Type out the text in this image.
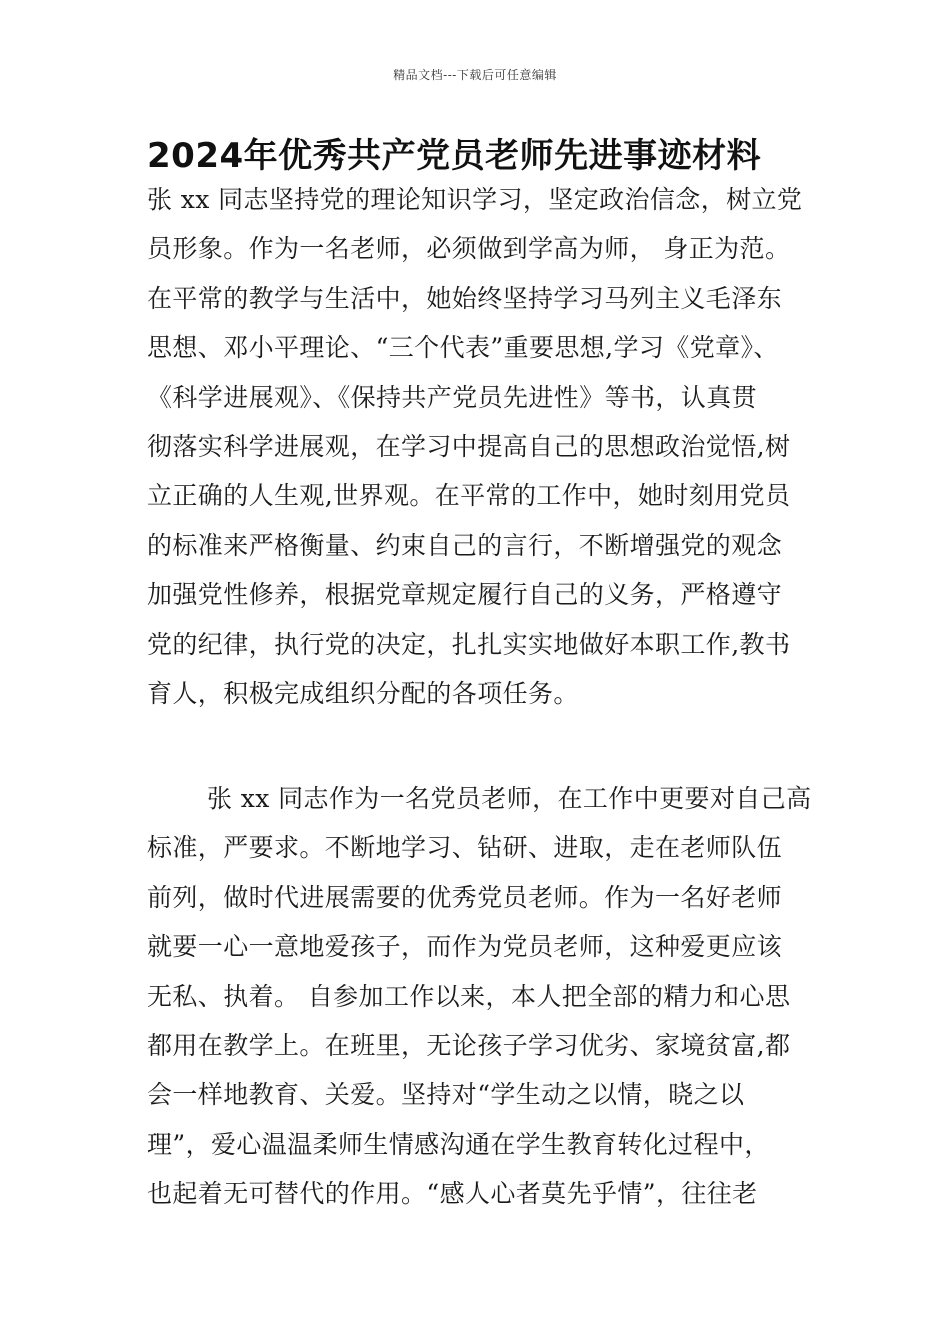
精品文档---下载后可任意编辑
2024年优秀共产党员老师先进事迹材料
张 xx 同志坚持党的理论知识学习，坚定政治信念，树立党
员形象。作为一名老师，必须做到学高为师， 身正为范。
在平常的教学与生活中，她始终坚持学习马列主义毛泽东
思想、邓小平理论、“三个代表”重要思想,学习《党章》、
《科学进展观》、《保持共产党员先进性》等书，认真贯
彻落实科学进展观，在学习中提高自己的思想政治觉悟,树
立正确的人生观,世界观。在平常的工作中，她时刻用党员
的标准来严格衡量、约束自己的言行，不断增强党的观念
加强党性修养，根据党章规定履行自己的义务，严格遵守
党的纪律，执行党的决定，扎扎实实地做好本职工作,教书
育人，积极完成组织分配的各项任务。
张 xx 同志作为一名党员老师，在工作中更要对自己高
标准，严要求。不断地学习、钻研、进取，走在老师队伍
前列，做时代进展需要的优秀党员老师。作为一名好老师
就要一心一意地爱孩子，而作为党员老师，这种爱更应该
无私、执着。 自参加工作以来，本人把全部的精力和心思
都用在教学上。在班里，无论孩子学习优劣、家境贫富,都
会一样地教育、关爱。坚持对“学生动之以情，晓之以
理”，爱心温温柔师生情感沟通在学生教育转化过程中，
也起着无可替代的作用。“感人心者莫先乎情”，往往老
